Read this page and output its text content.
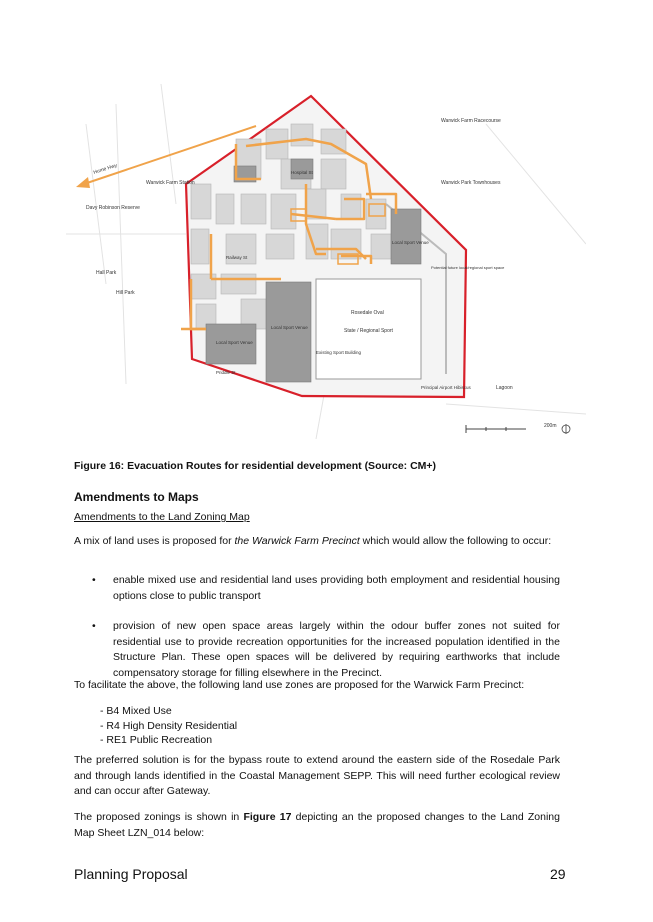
Hume Hwy
Warwick Farm Racecourse
Warwick Park Townhouses
Warwick Farm Station
Davy Robinson Reserve
Hall Park
Hill Park
Hospital St
Railway St
Priddle St
Local Sport Venue
Local Sport Venue
Local Sport Venue
Rosedale Oval
State / Regional Sport
Existing Sport Building
Potential future local/regional sport space
Lagoon
Principal Airport Hibiscus
200m
Figure 16: Evacuation Routes for residential development (Source: CM+)
Amendments to Maps
Amendments to the Land Zoning Map
A mix of land uses is proposed for the Warwick Farm Precinct which would allow the following to occur:
• enable mixed use and residential land uses providing both employment and residential housing options close to public transport
• provision of new open space areas largely within the odour buffer zones not suited for residential use to provide recreation opportunities for the increased population identified in the Structure Plan. These open spaces will be delivered by requiring earthworks that include compensatory storage for filling elsewhere in the Precinct.
To facilitate the above, the following land use zones are proposed for the Warwick Farm Precinct:
- B4 Mixed Use
- R4 High Density Residential
- RE1 Public Recreation
The preferred solution is for the bypass route to extend around the eastern side of the Rosedale Park and through lands identified in the Coastal Management SEPP. This will need further ecological review and can occur after Gateway.
The proposed zonings is shown in Figure 17 depicting an the proposed changes to the Land Zoning Map Sheet LZN_014 below:
Planning Proposal	29
